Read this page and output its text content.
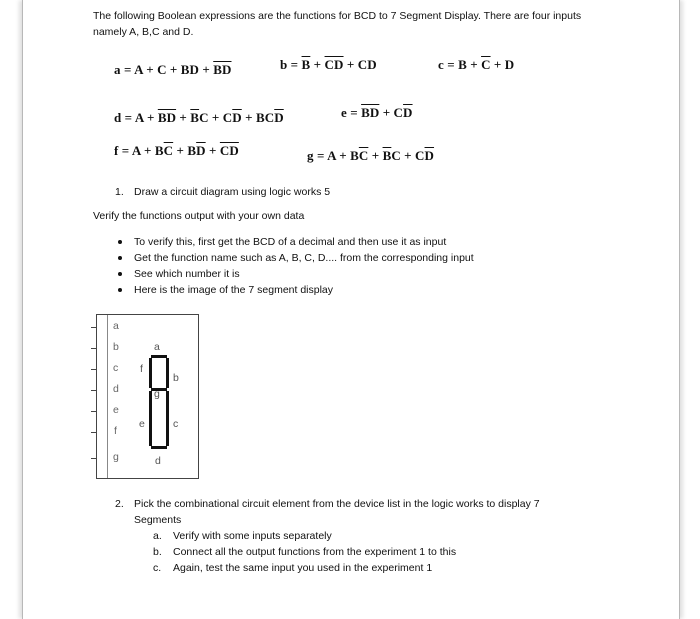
The following Boolean expressions are the functions for BCD to 7 Segment Display. There are four inputs
namely A, B,C and D.
a = A + C + BD + $\overline{BD}$	$b = \overline{B} + \overline{CD}$ + CD	$c = B + \overline{C} + D$
$d = A + \overline{BD} + \overline{B}C + C\overline{D} + BC\overline{D}$	$e = \overline{BD} + C\overline{D}$
$f = A + B\overline{C} + B\overline{D} + \overline{CD}$	$g = A + B\overline{C} + \overline{B}C + C\overline{D}$
1. Draw a circuit diagram using logic works 5
Verify the functions output with your own data
To verify this, first get the BCD of a decimal and then use it as input
Get the function name such as A, B, C, D.... from the corresponding input
See which number it is
Here is the image of the 7 segment display
a
b
c
d
e
f
g
a
f
b
g
e	c
d
2. Pick the combinational circuit element from the device list in the logic works to display 7
Segments
a. Verify with some inputs separately
b. Connect all the output functions from the experiment 1 to this
c. Again, test the same input you used in the experiment 1
